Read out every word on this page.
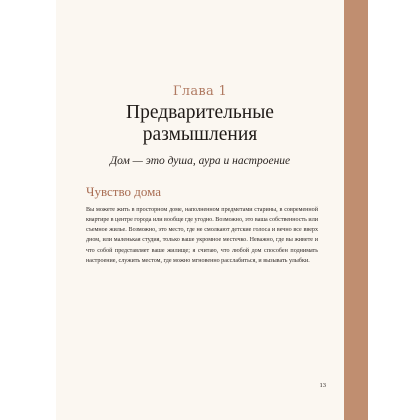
Глава 1
Предварительные
размышления
Дом — это душа, аура и настроение
Чувство дома
Вы можете жить в просторном доме, наполненном предметами старины, в современной квартире в центре города или вообще где угодно. Возможно, это ваша собственность или съемное жилье. Возможно, это место, где не смолкают детские голоса и вечно все вверх дном, или маленькая студия, только ваше укромное местечко. Неважно, где вы живете и что собой представляет ваше жилище; я считаю, что любой дом способен поднимать настроение, служить местом, где можно мгновенно расслабиться, и вызывать улыбки.
13
